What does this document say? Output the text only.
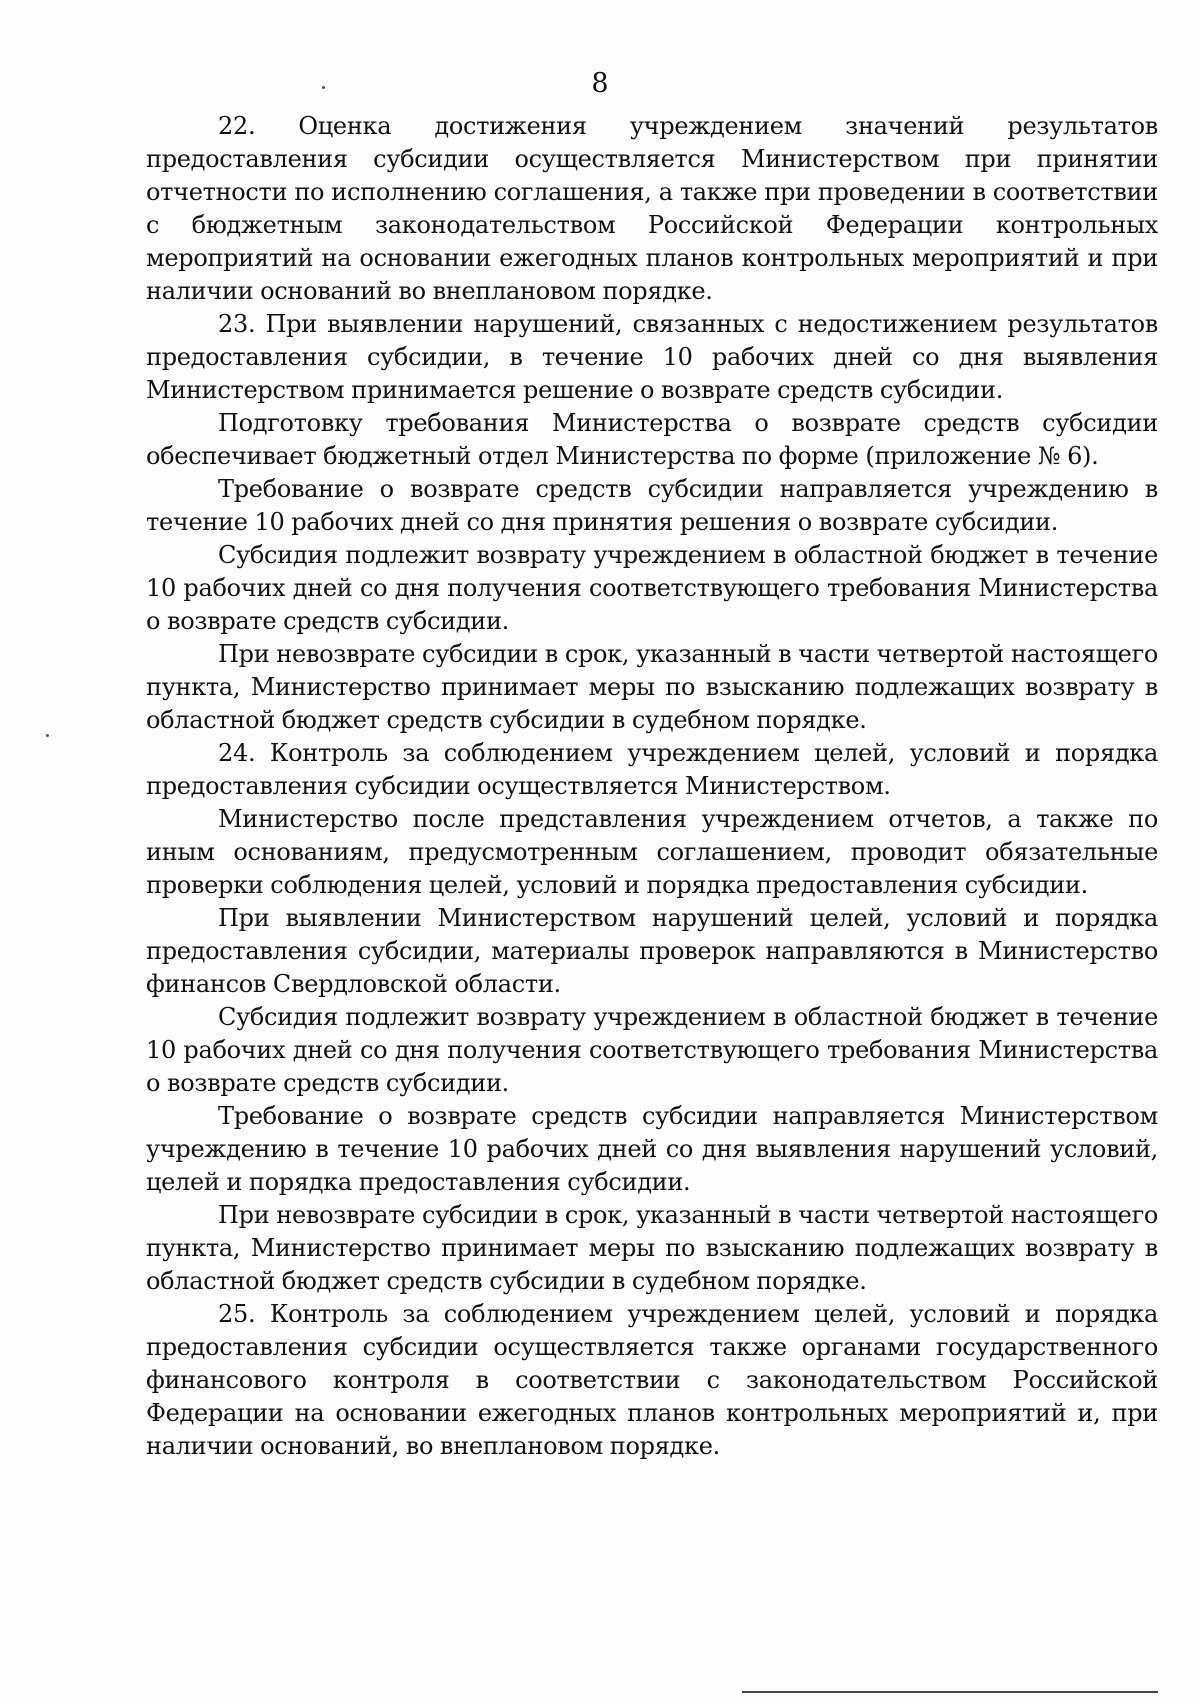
8

22. Оценка достижения учреждением значений результатов предоставления субсидии осуществляется Министерством при принятии отчетности по исполнению соглашения, а также при проведении в соответствии с бюджетным законодательством Российской Федерации контрольных мероприятий на основании ежегодных планов контрольных мероприятий и при наличии оснований во внеплановом порядке.

23. При выявлении нарушений, связанных с недостижением результатов предоставления субсидии, в течение 10 рабочих дней со дня выявления Министерством принимается решение о возврате средств субсидии.

Подготовку требования Министерства о возврате средств субсидии обеспечивает бюджетный отдел Министерства по форме (приложение № 6).

Требование о возврате средств субсидии направляется учреждению в течение 10 рабочих дней со дня принятия решения о возврате субсидии.

Субсидия подлежит возврату учреждением в областной бюджет в течение 10 рабочих дней со дня получения соответствующего требования Министерства о возврате средств субсидии.

При невозврате субсидии в срок, указанный в части четвертой настоящего пункта, Министерство принимает меры по взысканию подлежащих возврату в областной бюджет средств субсидии в судебном порядке.

24. Контроль за соблюдением учреждением целей, условий и порядка предоставления субсидии осуществляется Министерством.

Министерство после представления учреждением отчетов, а также по иным основаниям, предусмотренным соглашением, проводит обязательные проверки соблюдения целей, условий и порядка предоставления субсидии.

При выявлении Министерством нарушений целей, условий и порядка предоставления субсидии, материалы проверок направляются в Министерство финансов Свердловской области.

Субсидия подлежит возврату учреждением в областной бюджет в течение 10 рабочих дней со дня получения соответствующего требования Министерства о возврате средств субсидии.

Требование о возврате средств субсидии направляется Министерством учреждению в течение 10 рабочих дней со дня выявления нарушений условий, целей и порядка предоставления субсидии.

При невозврате субсидии в срок, указанный в части четвертой настоящего пункта, Министерство принимает меры по взысканию подлежащих возврату в областной бюджет средств субсидии в судебном порядке.

25. Контроль за соблюдением учреждением целей, условий и порядка предоставления субсидии осуществляется также органами государственного финансового контроля в соответствии с законодательством Российской Федерации на основании ежегодных планов контрольных мероприятий и, при наличии оснований, во внеплановом порядке.
